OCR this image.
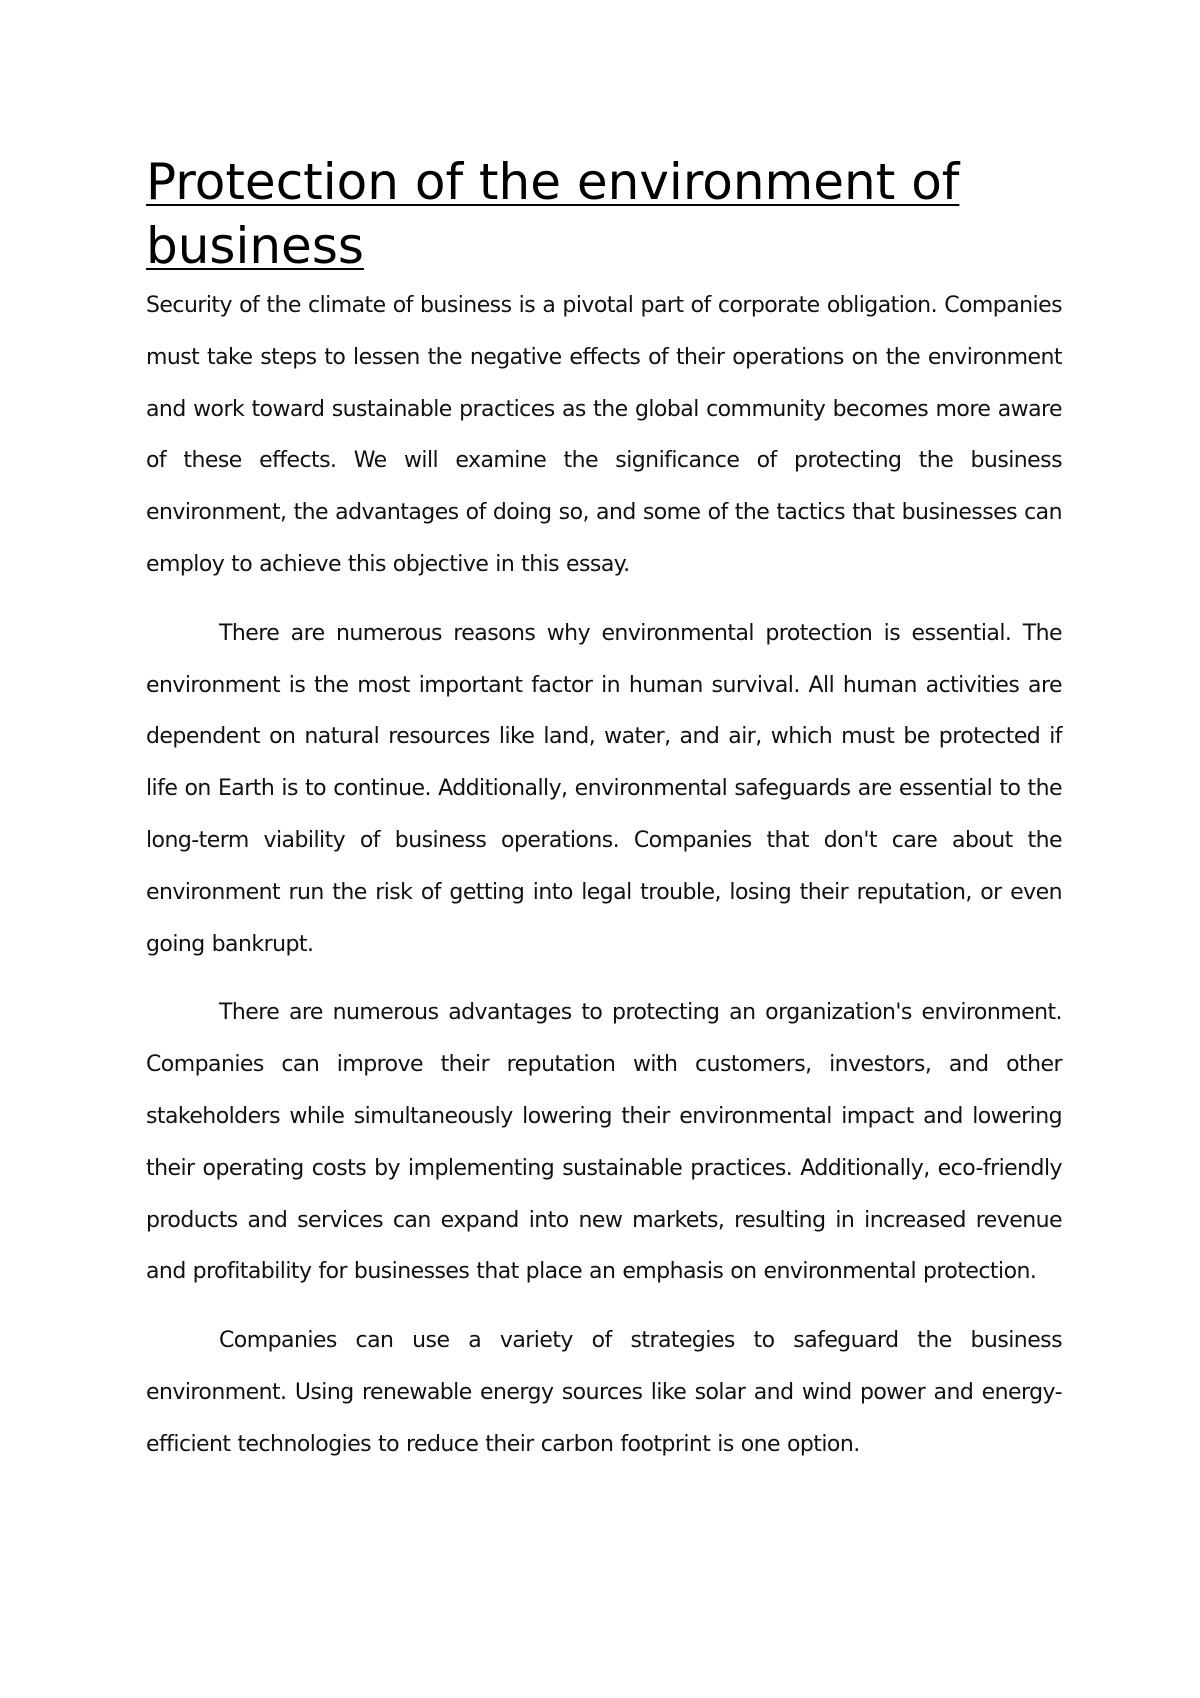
Protection of the environment of business

Security of the climate of business is a pivotal part of corporate obligation. Companies must take steps to lessen the negative effects of their operations on the environment and work toward sustainable practices as the global community becomes more aware of these effects. We will examine the significance of protecting the business environment, the advantages of doing so, and some of the tactics that businesses can employ to achieve this objective in this essay.

There are numerous reasons why environmental protection is essential. The environment is the most important factor in human survival. All human activities are dependent on natural resources like land, water, and air, which must be protected if life on Earth is to continue. Additionally, environmental safeguards are essential to the long-term viability of business operations. Companies that don't care about the environment run the risk of getting into legal trouble, losing their reputation, or even going bankrupt.

There are numerous advantages to protecting an organization's environment. Companies can improve their reputation with customers, investors, and other stakeholders while simultaneously lowering their environmental impact and lowering their operating costs by implementing sustainable practices. Additionally, eco-friendly products and services can expand into new markets, resulting in increased revenue and profitability for businesses that place an emphasis on environmental protection.

Companies can use a variety of strategies to safeguard the business environment. Using renewable energy sources like solar and wind power and energy-efficient technologies to reduce their carbon footprint is one option.
